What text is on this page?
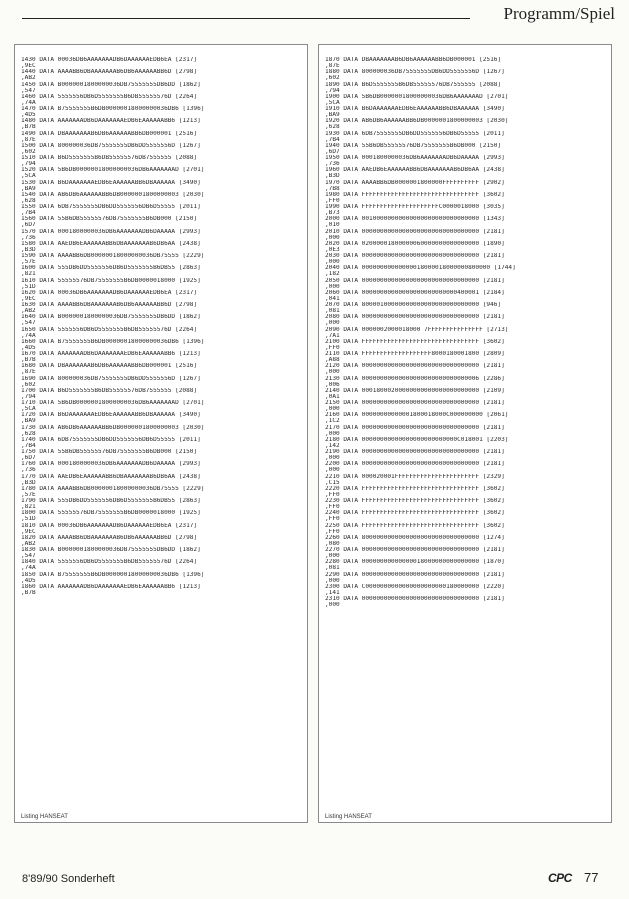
Programm/Spiel
1430 DATA 00036DB6AAAAAAADB6DAAAAAAEDB6EA [2317]
,9EC
1440 DATA AAAABB6DBAAAAAAAB6DB6AAAAAABB6D [2798]
,AB2
1450 DATA B0000001800000036DB75555555DB6DD [1862]
,547
1460 DATA 5555556DB6D5555555B6DB55555576D [2264]
,74A
1470 DATA B75555555B6DB00000018000000036DB6 [1396]
,4D5
1480 DATA AAAAAAADB6DAAAAAAAEDB6EAAAAAABB6 [1213]
,B7B
1490 DATA DBAAAAAAAB6DB6AAAAAABB6DB000001 [2516]
,87E
1500 DATA 800000036DB75555555DB6DD5555556D [1267]
,602
1510 DATA B6D5555555B6DB55555576DB7555555 [2088]
,794
1520 DATA 5B6DB00000018000000036DB6AAAAAAAD [2701]
,5CA
1530 DATA B6DAAAAAAAEDB6EAAAAAABB6DBAAAAAA [3490]
,BA9
1540 DATA AB6DB6AAAAAABB6DB0000001800000003 [2030]
,628
1550 DATA 6DB75555555DB6DD5555556DB6D55555 [2011]
,7B4
1560 DATA 55B6DB55555576DB75555555B6DB000 [2150]
,6D7
1570 DATA 0001800000036DB6AAAAAAADB6DAAAAA [2993]
,736
1580 DATA AAEDB6EAAAAAABB6DBAAAAAAAB6DB6AA [2438]
,B3D
1590 DATA AAAABB6DB00000018000000036DB75555 [2229]
,57E
1600 DATA 555DB6DD5555556DB6D5555555B6DB55 [2863]
,821
1610 DATA 55555576DB75555555B6DB0000018000 [1925]
,51D
1620 DATA 00036DB6AAAAAAADB6DAAAAAAEDB6EA [2317]
,9EC
1630 DATA AAAABB6DBAAAAAAAB6DB6AAAAAABB6D [2798]
,AB2
1640 DATA B0000001800000036DB75555555DB6DD [1862]
,547
1650 DATA 5555556DB6D5555555B6DB55555576D [2264]
,74A
1660 DATA B75555555B6DB00000018000000036DB6 [1396]
,4D5
1670 DATA AAAAAAADB6DAAAAAAAEDB6EAAAAAABB6 [1213]
,B7B
1680 DATA DBAAAAAAAB6DB6AAAAAABB6DB000001 [2516]
,87E
1690 DATA 800000036DB75555555DB6DD5555556D [1267]
,602
1700 DATA B6D5555555B6DB55555576DB7555555 [2088]
,794
1710 DATA 5B6DB00000018000000036DB6AAAAAAAD [2701]
,5CA
1720 DATA B6DAAAAAAAEDB6EAAAAAABB6DBAAAAAA [3490]
,BA9
1730 DATA AB6DB6AAAAAABB6DB0000001800000003 [2030]
,628
1740 DATA 6DB75555555DB6DD5555556DB6D55555 [2011]
,7B4
1750 DATA 55B6DB55555576DB75555555B6DB000 [2150]
,6D7
1760 DATA 0001800000036DB6AAAAAAADB6DAAAAA [2993]
,736
1770 DATA AAEDB6EAAAAAABB6DBAAAAAAAB6DB6AA [2438]
,B3D
1780 DATA AAAABB6DB00000018000000036DB75555 [2229]
,57E
1790 DATA 555DB6DD5555556DB6D5555555B6DB55 [2863]
,821
1800 DATA 55555576DB75555555B6DB0000018000 [1925]
,51D
1810 DATA 00036DB6AAAAAAADB6DAAAAAAEDB6EA [2317]
,9EC
1820 DATA AAAABB6DBAAAAAAAB6DB6AAAAAABB6D [2798]
,AB2
1830 DATA B0000001800000036DB75555555DB6DD [1862]
,547
1840 DATA 5555556DB6D5555555B6DB55555576D [2264]
,74A
1850 DATA B75555555B6DB00000018000000036DB6 [1396]
,4D5
1860 DATA AAAAAAADB6DAAAAAAAEDB6EAAAAAABB6 [1213]
,B7B
Listing HANSEAT
1870 DATA DBAAAAAAAB6DB6AAAAAABB6DB000001 [2516]
,87E
1880 DATA 800000036DB75555555DB6DD5555556D [1267]
,602
1890 DATA B6D5555555B6DB55555576DB7555555 [2088]
,794
1900 DATA 5B6DB00000018000000036DB6AAAAAAAD [2701]
,5CA
1910 DATA B6DAAAAAAAEDB6EAAAAAABB6DBAAAAAA [3490]
,BA9
1920 DATA AB6DB6AAAAAABB6DB0000001800000003 [2030]
,628
1930 DATA 6DB75555555DB6DD5555556DB6D55555 [2011]
,7B4
1940 DATA 55B6DB55555576DB75555555B6DB000 [2150]
,6D7
1950 DATA 0001800000036DB6AAAAAAADB6DAAAAA [2993]
,736
1960 DATA AAEDB6EAAAAAABB6DBAAAAAAAB6DB6AA [2438]
,B3D
1970 DATA AAAABB6DB0000001800000FFFFFFFFFF [2902]
,7B8
1980 DATA FFFFFFFFFFFFFFFFFFFFFFFFFFFFFFFF [3602]
,FF0
1990 DATA FFFFFFFFFFFFFFFFFFFFFC0000018000 [3035]
,B73
2000 DATA 00100000000000000000000000000000 [1343]
,010
2010 DATA 00000000000000000000000000000000 [2181]
,000
2020 DATA 02000001800000060000000000000000 [1890]
,0E3
2030 DATA 00000000000000000000000000000000 [2181]
,000
2040 DATA 00000000000000018000018000000800000 [1744]
,182
2050 DATA 00000000000000000000000000000000 [2181]
,000
2060 DATA 00000000000000000000000000400001 [2184]
,041
2070 DATA 80000100000000000000000000000000 [946]
,081
2080 DATA 00000000000000000000000000000000 [2181]
,000
2090 DATA 0000002000018000 7FFFFFFFFFFFFFFF [2713]
,7A1
2100 DATA FFFFFFFFFFFFFFFFFFFFFFFFFFFFFFFF [3602]
,FF0
2110 DATA FFFFFFFFFFFFFFFFFFF8000180001800 [2809]
,A88
2120 DATA 00000000000000000000000000000000 [2181]
,000
2130 DATA 00000000000000000000000000000006 [2286]
,006
2140 DATA 00018000200000000000000000000000 [2109]
,0A1
2150 DATA 00000000000000000000000000000000 [2181]
,000
2160 DATA 00000000000001800018000C000000000 [2061]
,1C2
2170 DATA 00000000000000000000000000000000 [2181]
,000
2180 DATA 00000000000000000000000000C018001 [2203]
,142
2190 DATA 00000000000000000000000000000000 [2181]
,000
2200 DATA 00000000000000000000000000000000 [2181]
,000
2210 DATA 000020001FFFFFFFFFFFFFFFFFFFFFFF [2329]
,C15
2220 DATA FFFFFFFFFFFFFFFFFFFFFFFFFFFFFFFF [3602]
,FF0
2230 DATA FFFFFFFFFFFFFFFFFFFFFFFFFFFFFFFF [3602]
,FF0
2240 DATA FFFFFFFFFFFFFFFFFFFFFFFFFFFFFFFF [3602]
,FF0
2250 DATA FFFFFFFFFFFFFFFFFFFFFFFFFFFFFFFF [3602]
,FF0
2260 DATA 80000000000000000000000000000000 [1274]
,080
2270 DATA 00000000000000000000000000000000 [2181]
,000
2280 DATA 00000000000000018000000000000000 [1870]
,081
2290 DATA 00000000000000000000000000000000 [2181]
,000
2300 DATA C0000000000000000000000180000000 [2220]
,141
2310 DATA 00000000000000000000000000000000 [2181]
,000
Listing HANSEAT
8'89/90 Sonderheft	CPC 77
